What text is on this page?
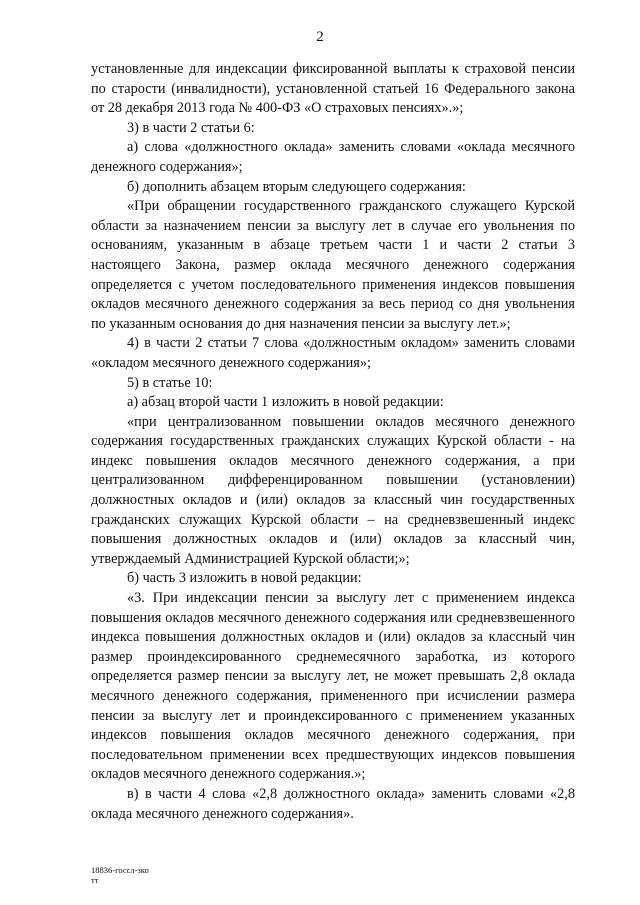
2

установленные для индексации фиксированной выплаты к страховой пенсии по старости (инвалидности), установленной статьей 16 Федерального закона от 28 декабря 2013 года № 400-ФЗ «О страховых пенсиях».»;

3) в части 2 статьи 6:

а) слова «должностного оклада» заменить словами «оклада месячного денежного содержания»;

б) дополнить абзацем вторым следующего содержания:

«При обращении государственного гражданского служащего Курской области за назначением пенсии за выслугу лет в случае его увольнения по основаниям, указанным в абзаце третьем части 1 и части 2 статьи 3 настоящего Закона, размер оклада месячного денежного содержания определяется с учетом последовательного применения индексов повышения окладов месячного денежного содержания за весь период со дня увольнения по указанным основания до дня назначения пенсии за выслугу лет.»;

4) в части 2 статьи 7 слова «должностным окладом» заменить словами «окладом месячного денежного содержания»;

5) в статье 10:

а) абзац второй части 1 изложить в новой редакции:

«при централизованном повышении окладов месячного денежного содержания государственных гражданских служащих Курской области - на индекс повышения окладов месячного денежного содержания, а при централизованном дифференцированном повышении (установлении) должностных окладов и (или) окладов за классный чин государственных гражданских служащих Курской области – на средневзвешенный индекс повышения должностных окладов и (или) окладов за классный чин, утверждаемый Администрацией Курской области;»;

б) часть 3 изложить в новой редакции:

«3. При индексации пенсии за выслугу лет с применением индекса повышения окладов месячного денежного содержания или средневзвешенного индекса повышения должностных окладов и (или) окладов за классный чин размер проиндексированного среднемесячного заработка, из которого определяется размер пенсии за выслугу лет, не может превышать 2,8 оклада месячного денежного содержания, примененного при исчислении размера пенсии за выслугу лет и проиндексированного с применением указанных индексов повышения окладов месячного денежного содержания, при последовательном применении всех предшествующих индексов повышения окладов месячного денежного содержания.»;

в) в части 4 слова «2,8 должностного оклада» заменить словами «2,8 оклада месячного денежного содержания».

18836-госсл-зко
тт
